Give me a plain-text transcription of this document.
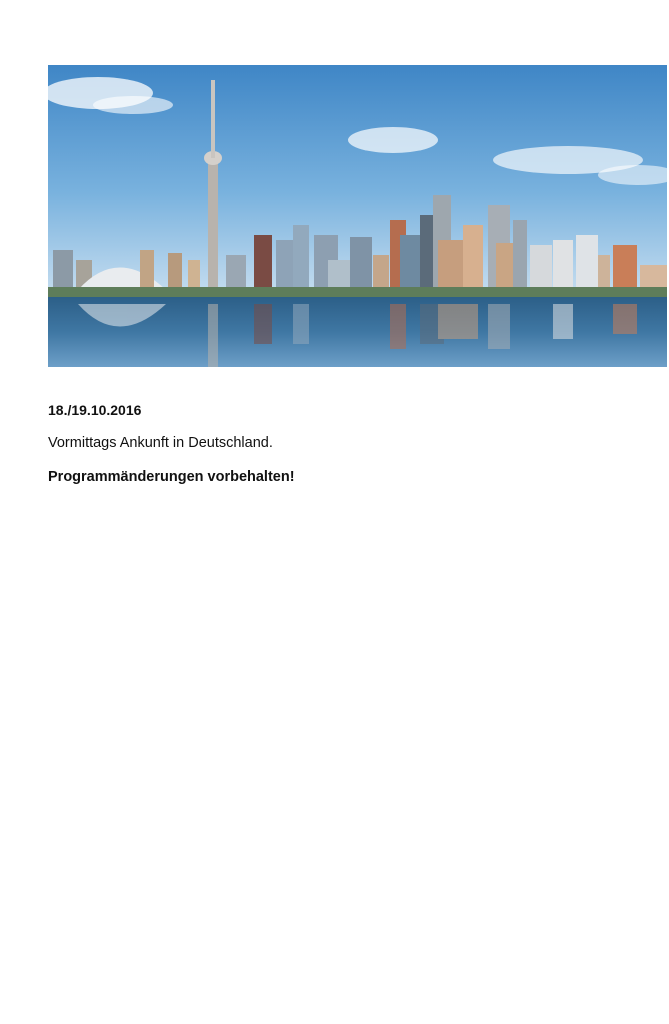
18./19.10.2016

Vormittags Ankunft in Deutschland.

Programmänderungen vorbehalten!
